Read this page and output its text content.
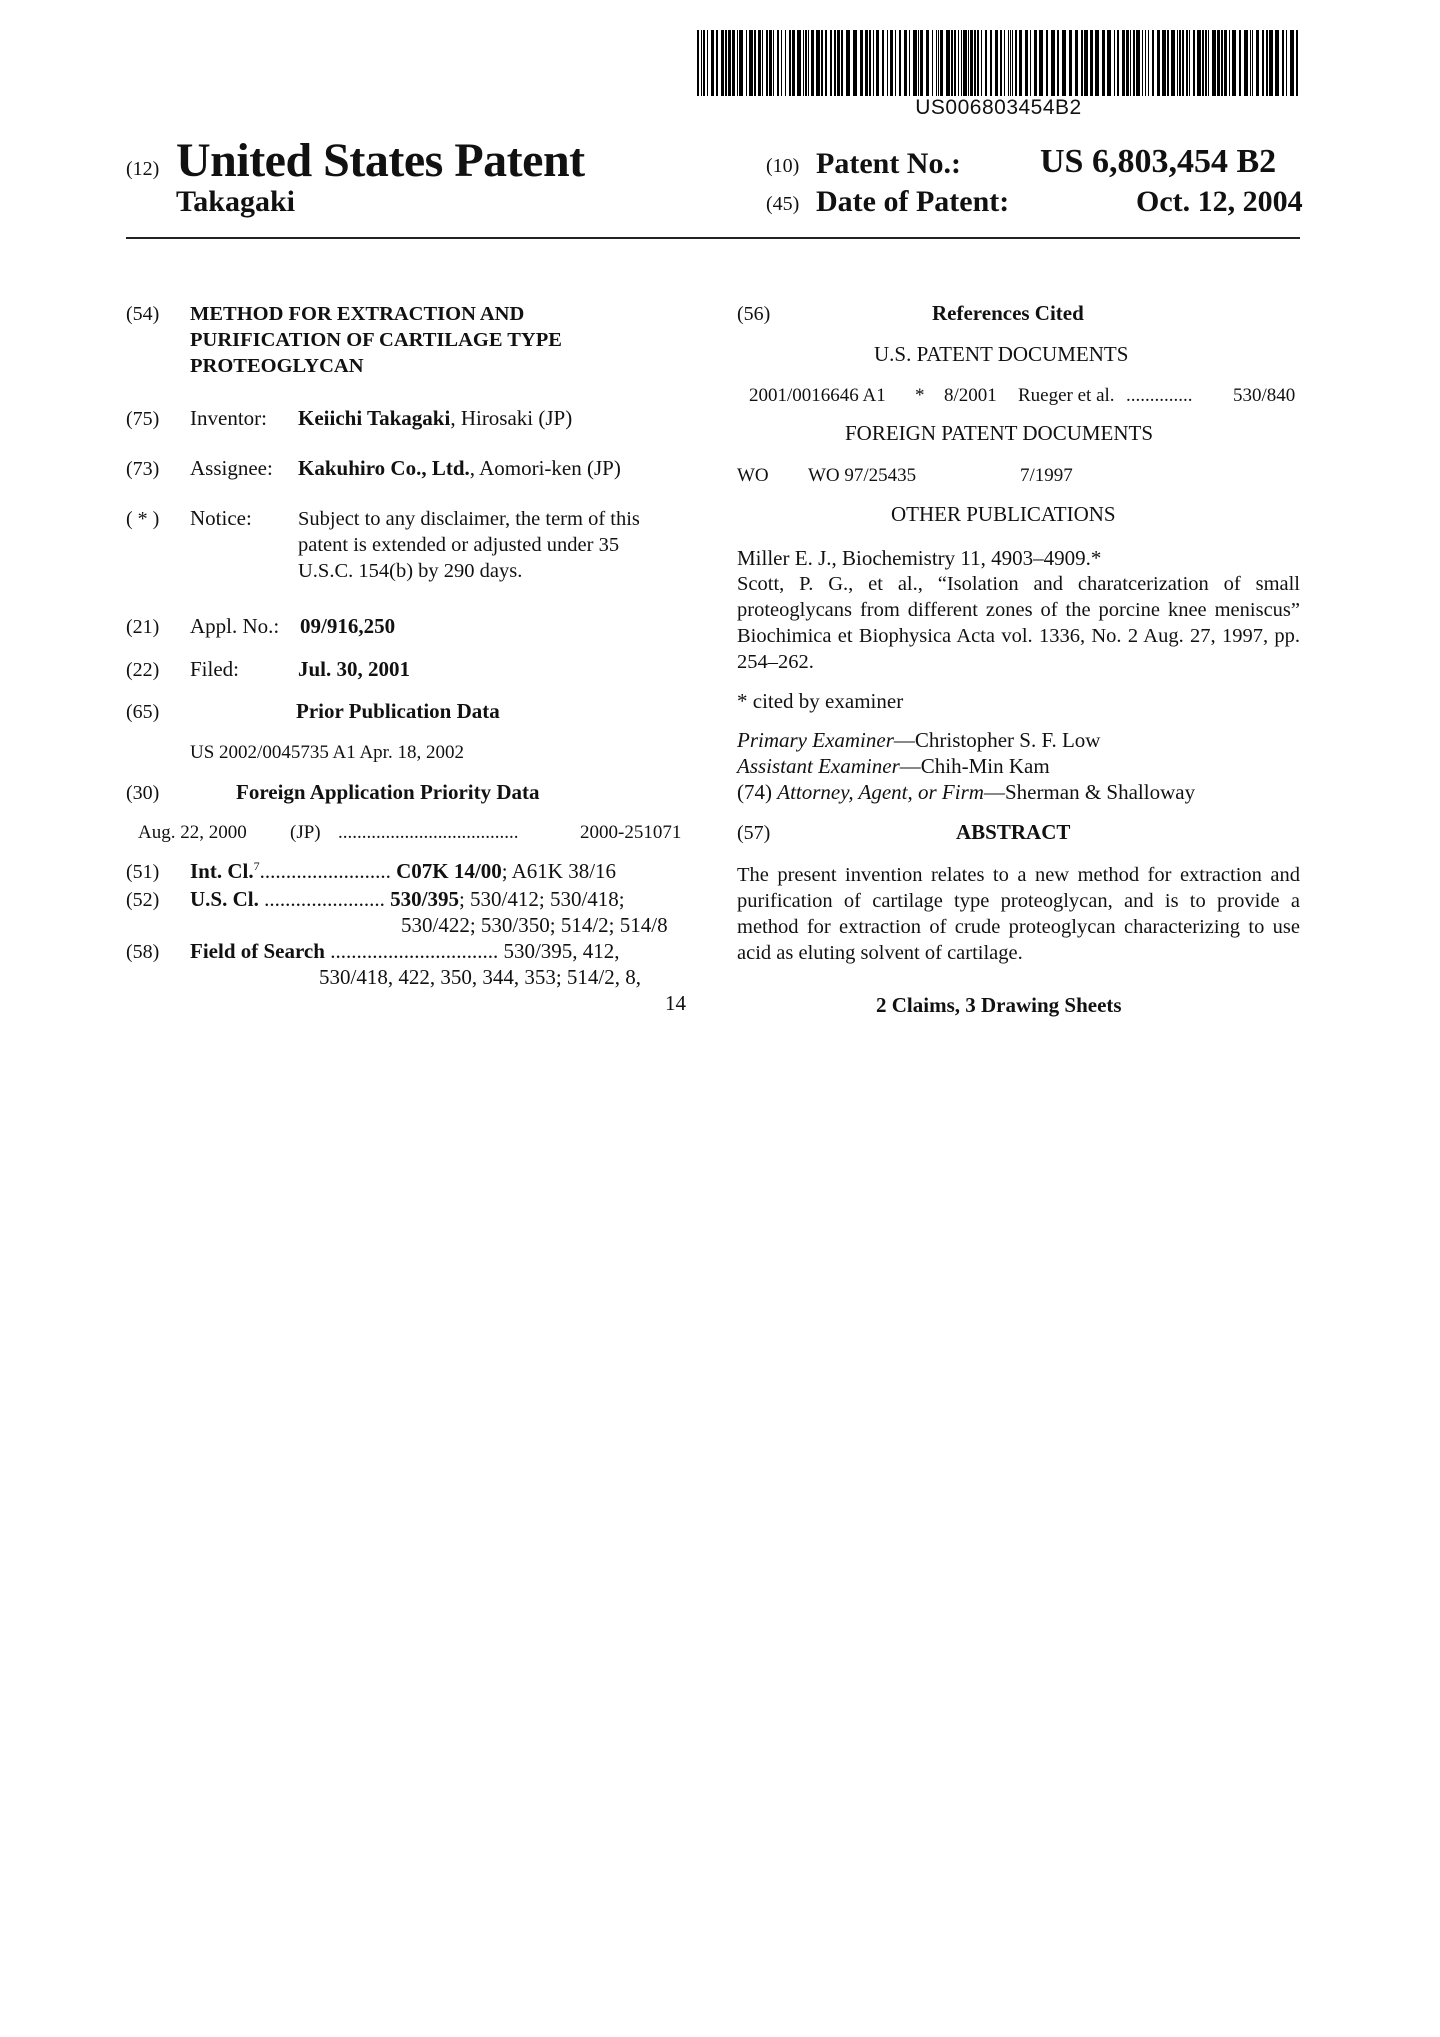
US006803454B2
(12) United States Patent
Takagaki
(10) Patent No.: US 6,803,454 B2
(45) Date of Patent:	Oct. 12, 2004
(54) METHOD FOR EXTRACTION AND
PURIFICATION OF CARTILAGE TYPE
PROTEOGLYCAN
(75) Inventor: Keiichi Takagaki, Hirosaki (JP)
(73) Assignee: Kakuhiro Co., Ltd., Aomori-ken (JP)
( * ) Notice: Subject to any disclaimer, the term of this
patent is extended or adjusted under 35
U.S.C. 154(b) by 290 days.
(21) Appl. No.: 09/916,250
(22) Filed:	Jul. 30, 2001
(65)	Prior Publication Data
US 2002/0045735 A1 Apr. 18, 2002
(30)	Foreign Application Priority Data
Aug. 22, 2000 (JP) ......................................	2000-251071
(51) Int. Cl.$^7$......................... C07K 14/00; A61K 38/16
(52) U.S. Cl. ....................... 530/395; 530/412; 530/418;
530/422; 530/350; 514/2; 514/8
(58) Field of Search ................................ 530/395, 412,
530/418, 422, 350, 344, 353; 514/2, 8,
14
(56)	References Cited
U.S. PATENT DOCUMENTS
2001/0016646 A1 * 8/2001 Rueger et al. .............. 530/840
FOREIGN PATENT DOCUMENTS
WO WO 97/25435	7/1997
OTHER PUBLICATIONS
Miller E. J., Biochemistry 11, 4903–4909.*
Scott, P. G., et al., “Isolation and charatcerization of small proteoglycans from different zones of the porcine knee meniscus” Biochimica et Biophysica Acta vol. 1336, No. 2 Aug. 27, 1997, pp. 254–262.
* cited by examiner
Primary Examiner—Christopher S. F. Low
Assistant Examiner—Chih-Min Kam
(74) Attorney, Agent, or Firm—Sherman & Shalloway
(57)	ABSTRACT
The present invention relates to a new method for extraction and purification of cartilage type proteoglycan, and is to provide a method for extraction of crude proteoglycan characterizing to use acid as eluting solvent of cartilage.
2 Claims, 3 Drawing Sheets
